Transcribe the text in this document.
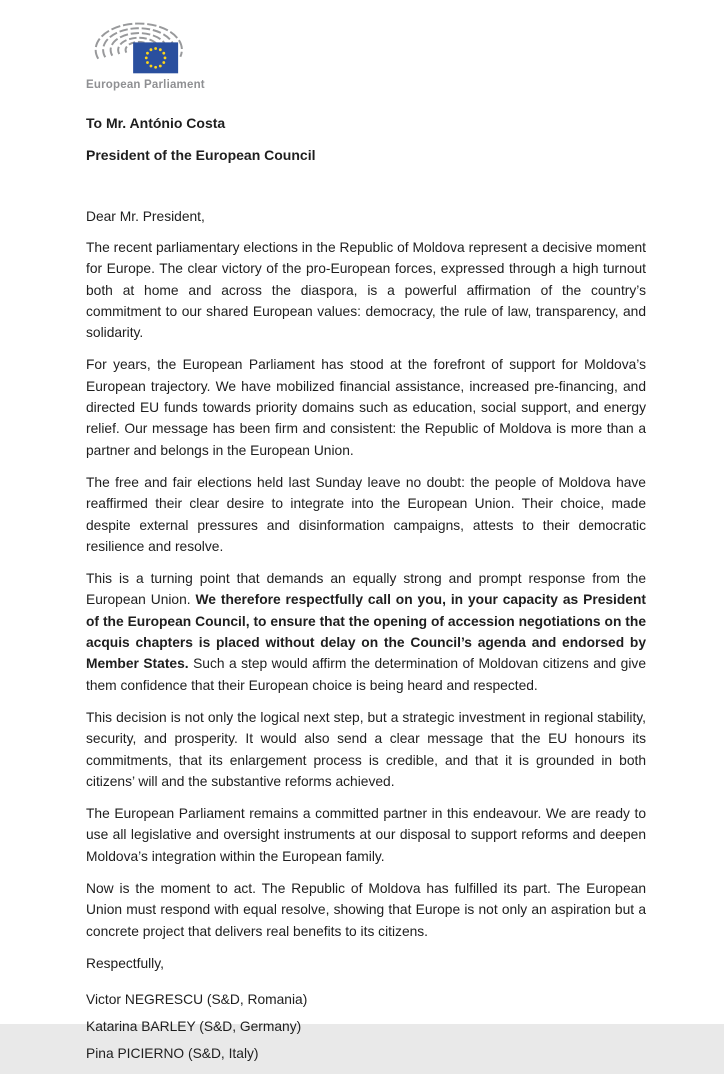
European Parliament
To Mr. António Costa
President of the European Council
Dear Mr. President,

The recent parliamentary elections in the Republic of Moldova represent a decisive moment for Europe. The clear victory of the pro-European forces, expressed through a high turnout both at home and across the diaspora, is a powerful affirmation of the country’s commitment to our shared European values: democracy, the rule of law, transparency, and solidarity.

For years, the European Parliament has stood at the forefront of support for Moldova’s European trajectory. We have mobilized financial assistance, increased pre-financing, and directed EU funds towards priority domains such as education, social support, and energy relief. Our message has been firm and consistent: the Republic of Moldova is more than a partner and belongs in the European Union.

The free and fair elections held last Sunday leave no doubt: the people of Moldova have reaffirmed their clear desire to integrate into the European Union. Their choice, made despite external pressures and disinformation campaigns, attests to their democratic resilience and resolve.

This is a turning point that demands an equally strong and prompt response from the European Union. We therefore respectfully call on you, in your capacity as President of the European Council, to ensure that the opening of accession negotiations on the acquis chapters is placed without delay on the Council’s agenda and endorsed by Member States. Such a step would affirm the determination of Moldovan citizens and give them confidence that their European choice is being heard and respected.

This decision is not only the logical next step, but a strategic investment in regional stability, security, and prosperity. It would also send a clear message that the EU honours its commitments, that its enlargement process is credible, and that it is grounded in both citizens’ will and the substantive reforms achieved.

The European Parliament remains a committed partner in this endeavour. We are ready to use all legislative and oversight instruments at our disposal to support reforms and deepen Moldova’s integration within the European family.

Now is the moment to act. The Republic of Moldova has fulfilled its part. The European Union must respond with equal resolve, showing that Europe is not only an aspiration but a concrete project that delivers real benefits to its citizens.

Respectfully,

Victor NEGRESCU (S&D, Romania)

Katarina BARLEY (S&D, Germany)

Pina PICIERNO (S&D, Italy)
